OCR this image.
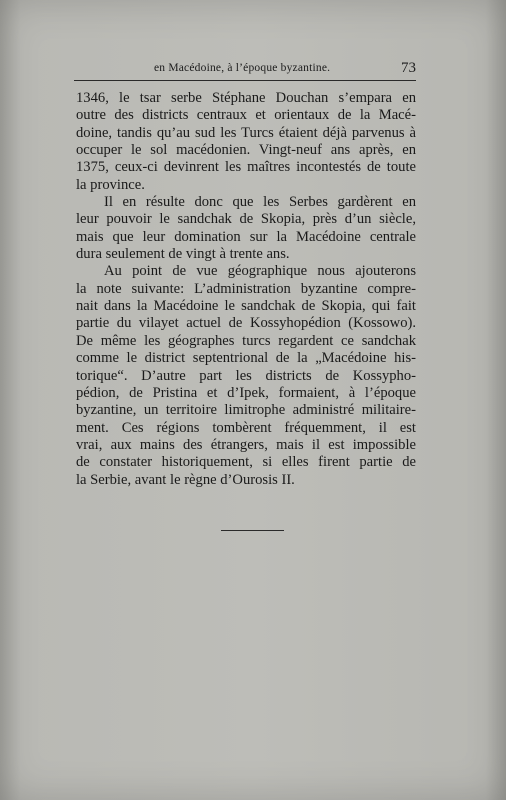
en Macédoine, à l’époque byzantine.	73
1346, le tsar serbe Stéphane Douchan s’empara en
outre des districts centraux et orientaux de la Macé-
doine, tandis qu’au sud les Turcs étaient déjà parvenus à
occuper le sol macédonien. Vingt-neuf ans après, en
1375, ceux-ci devinrent les maîtres incontestés de toute
la province.
Il en résulte donc que les Serbes gardèrent en
leur pouvoir le sandchak de Skopia, près d’un siècle,
mais que leur domination sur la Macédoine centrale
dura seulement de vingt à trente ans.
Au point de vue géographique nous ajouterons
la note suivante: L’administration byzantine compre-
nait dans la Macédoine le sandchak de Skopia, qui fait
partie du vilayet actuel de Kossyhopédion (Kossowo).
De même les géographes turcs regardent ce sandchak
comme le district septentrional de la „Macédoine his-
torique“. D’autre part les districts de Kossypho-
pédion, de Pristina et d’Ipek, formaient, à l’époque
byzantine, un territoire limitrophe administré militaire-
ment. Ces régions tombèrent fréquemment, il est
vrai, aux mains des étrangers, mais il est impossible
de constater historiquement, si elles firent partie de
la Serbie, avant le règne d’Ourosis II.
